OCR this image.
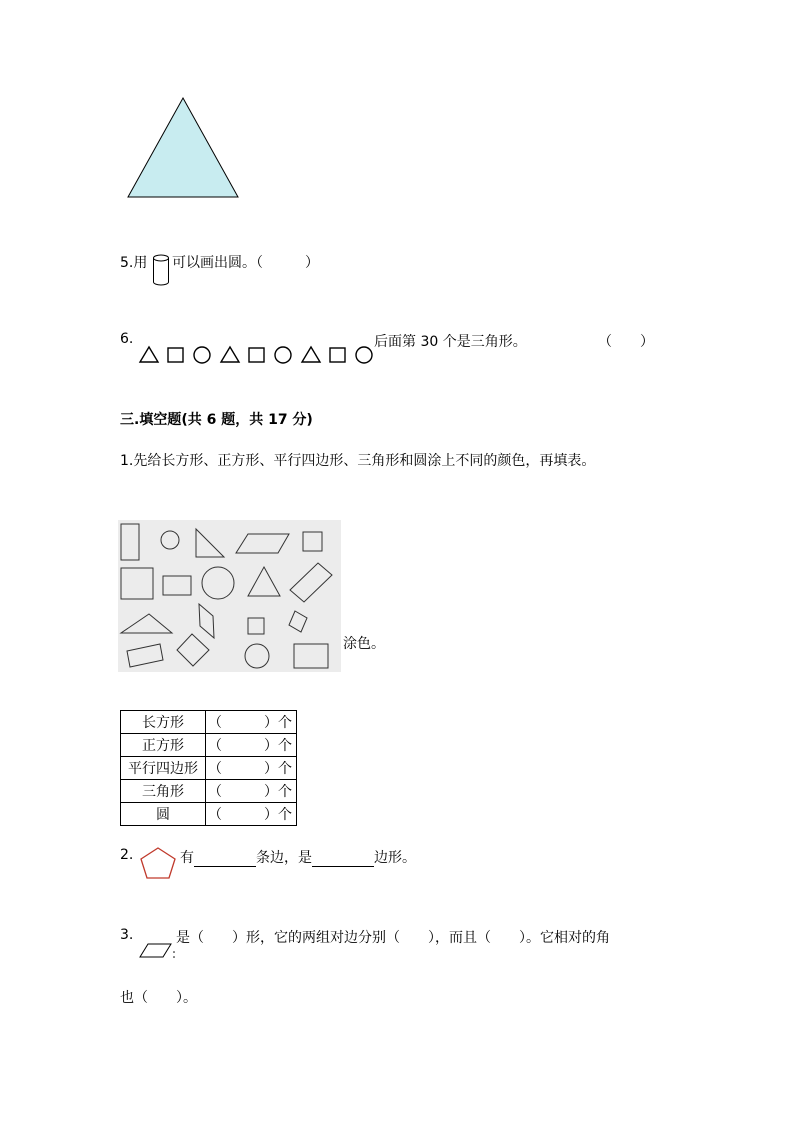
5.用 可以画出圆。（　　　）
6.	后面第 30 个是三角形。	（　　）
三.填空题(共 6 题，共 17 分)
1.先给长方形、正方形、平行四边形、三角形和圆涂上不同的颜色，再填表。
涂色。
长方形	（　　　）个
正方形	（　　　）个
平行四边形	（　　　）个
三角形	（　　　）个
圆	（　　　）个
2.	有	条边，是	边形。
3.	是（　　）形，它的两组对边分别（　　），而且（　　）。它相对的角
也（　　）。
